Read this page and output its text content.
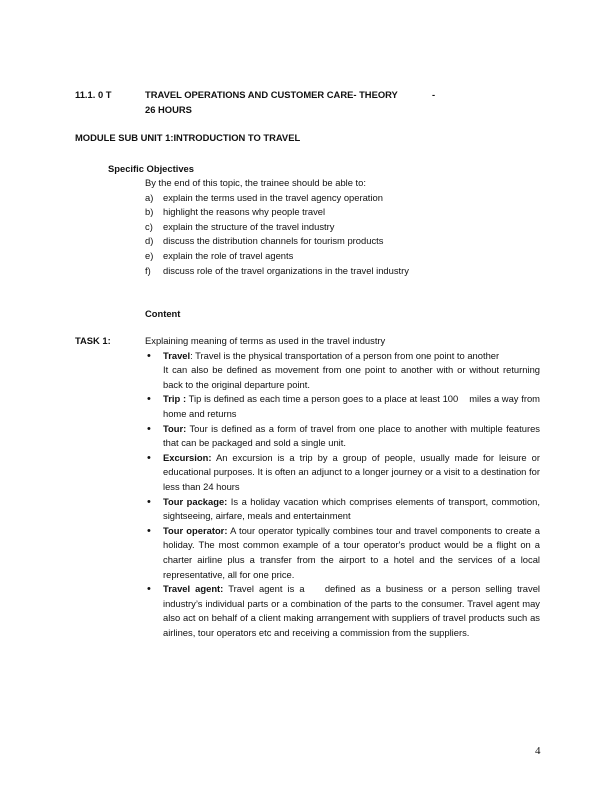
11.1. 0 T	TRAVEL OPERATIONS AND CUSTOMER CARE- THEORY	-
26 HOURS
MODULE SUB UNIT 1:INTRODUCTION TO TRAVEL
Specific Objectives
By the end of this topic, the trainee should be able to:
a)	explain the terms used in the travel agency operation
b)	highlight the reasons why people travel
c)	explain the structure of the travel industry
d)	discuss the distribution channels for tourism products
e)	explain the role of travel agents
f)	discuss role of the travel organizations in the travel industry
Content
TASK 1:	Explaining meaning of terms as used in the travel industry
• Travel: Travel is the physical transportation of a person from one point to another
It can also be defined as movement from one point to another with or without returning back to the original departure point.
• Trip : Tip is defined as each time a person goes to a place at least 100    miles a way from home and returns
• Tour: Tour is defined as a form of travel from one place to another with multiple features that can be packaged and sold a single unit.
• Excursion: An excursion is a trip by a group of people, usually made for leisure or educational purposes. It is often an adjunct to a longer journey or a visit to a destination for less than 24 hours
• Tour package: Is a holiday vacation which comprises elements of transport, commotion, sightseeing, airfare, meals and entertainment
• Tour operator: A tour operator typically combines tour and travel components to create a holiday. The most common example of a tour operator's product would be a flight on a charter airline plus a transfer from the airport to a hotel and the services of a local representative, all for one price.
• Travel agent: Travel agent is a    defined as a business or a person selling travel industry’s individual parts or a combination of the parts to the consumer. Travel agent may also act on behalf of a client making arrangement with suppliers of travel products such as airlines, tour operators etc and receiving a commission from the suppliers.
4
